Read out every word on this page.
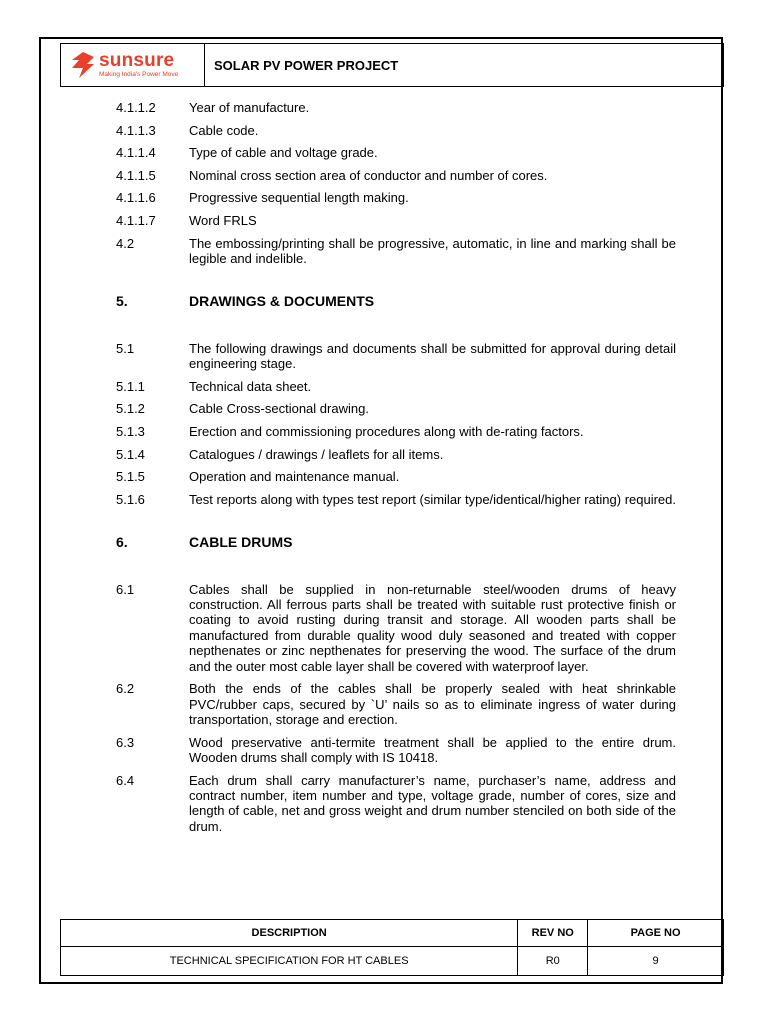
sunsure
Making India's Power Move
SOLAR PV POWER PROJECT
4.1.1.2	Year of manufacture.
4.1.1.3	Cable code.
4.1.1.4	Type of cable and voltage grade.
4.1.1.5	Nominal cross section area of conductor and number of cores.
4.1.1.6	Progressive sequential length making.
4.1.1.7	Word FRLS
4.2	The embossing/printing shall be progressive, automatic, in line and marking shall be legible and indelible.
5.	DRAWINGS & DOCUMENTS
5.1	The following drawings and documents shall be submitted for approval during detail engineering stage.
5.1.1	Technical data sheet.
5.1.2	Cable Cross-sectional drawing.
5.1.3	Erection and commissioning procedures along with de-rating factors.
5.1.4	Catalogues / drawings / leaflets for all items.
5.1.5	Operation and maintenance manual.
5.1.6	Test reports along with types test report (similar type/identical/higher rating) required.
6.	CABLE DRUMS
6.1	Cables shall be supplied in non-returnable steel/wooden drums of heavy construction. All ferrous parts shall be treated with suitable rust protective finish or coating to avoid rusting during transit and storage. All wooden parts shall be manufactured from durable quality wood duly seasoned and treated with copper nepthenates or zinc nepthenates for preserving the wood. The surface of the drum and the outer most cable layer shall be covered with waterproof layer.
6.2	Both the ends of the cables shall be properly sealed with heat shrinkable PVC/rubber caps, secured by `U’ nails so as to eliminate ingress of water during transportation, storage and erection.
6.3	Wood preservative anti-termite treatment shall be applied to the entire drum. Wooden drums shall comply with IS 10418.
6.4	Each drum shall carry manufacturer’s name, purchaser’s name, address and contract number, item number and type, voltage grade, number of cores, size and length of cable, net and gross weight and drum number stenciled on both side of the drum.
DESCRIPTION	REV NO	PAGE NO
TECHNICAL SPECIFICATION FOR HT CABLES	R0	9
